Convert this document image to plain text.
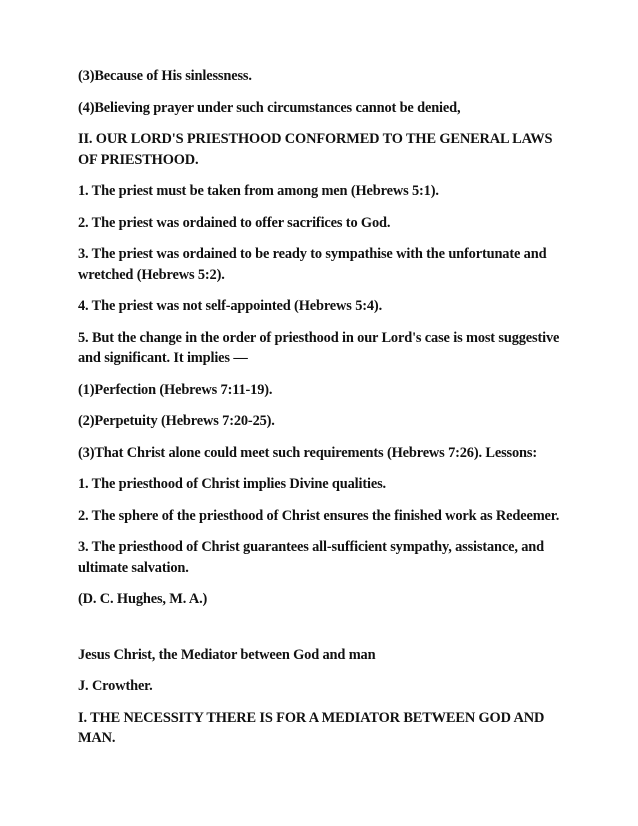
(3)Because of His sinlessness.

(4)Believing prayer under such circumstances cannot be denied,

II. OUR LORD'S PRIESTHOOD CONFORMED TO THE GENERAL LAWS OF PRIESTHOOD.

1. The priest must be taken from among men (Hebrews 5:1).

2. The priest was ordained to offer sacrifices to God.

3. The priest was ordained to be ready to sympathise with the unfortunate and wretched (Hebrews 5:2).

4. The priest was not self-appointed (Hebrews 5:4).

5. But the change in the order of priesthood in our Lord's case is most suggestive and significant. It implies —

(1)Perfection (Hebrews 7:11-19).

(2)Perpetuity (Hebrews 7:20-25).

(3)That Christ alone could meet such requirements (Hebrews 7:26). Lessons:

1. The priesthood of Christ implies Divine qualities.

2. The sphere of the priesthood of Christ ensures the finished work as Redeemer.

3. The priesthood of Christ guarantees all-sufficient sympathy, assistance, and ultimate salvation.

(D. C. Hughes, M. A.)

Jesus Christ, the Mediator between God and man

J. Crowther.

I. THE NECESSITY THERE IS FOR A MEDIATOR BETWEEN GOD AND MAN.
